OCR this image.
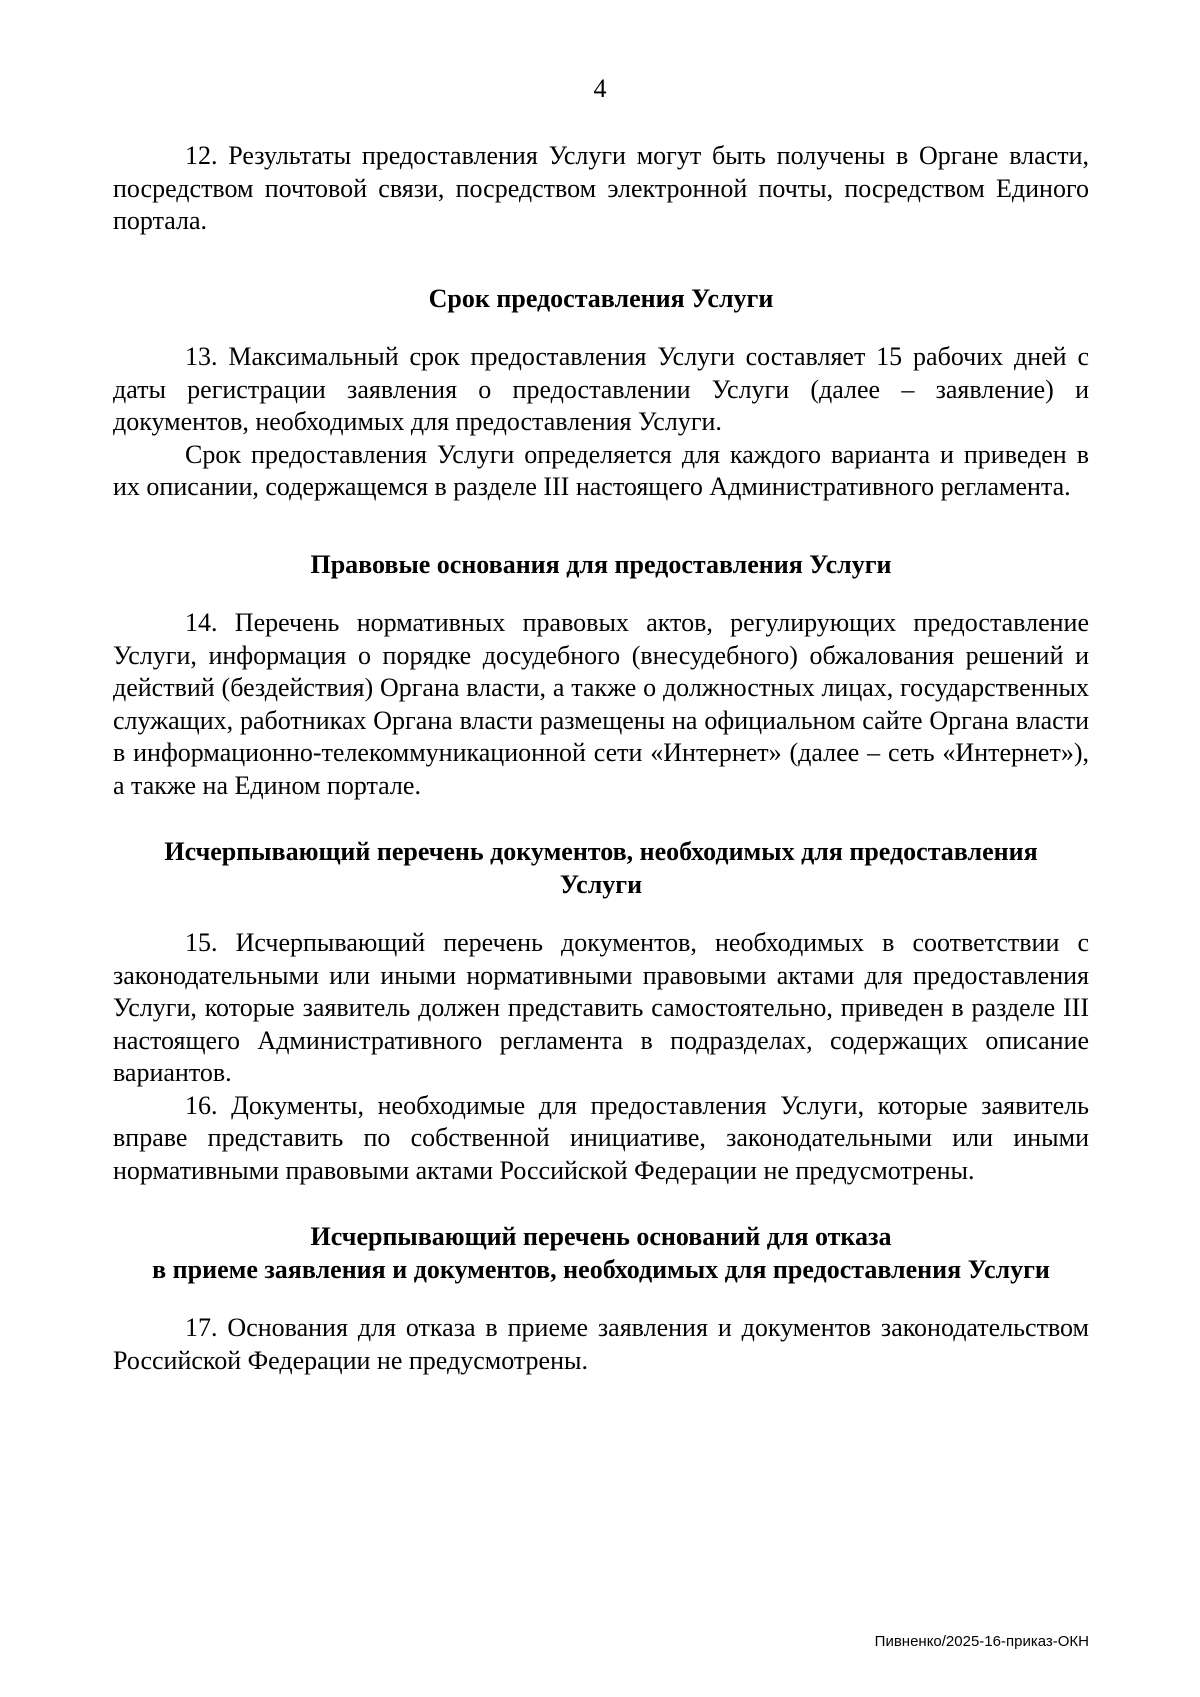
4

12. Результаты предоставления Услуги могут быть получены в Органе власти, посредством почтовой связи, посредством электронной почты, посредством Единого портала.

Срок предоставления Услуги

13. Максимальный срок предоставления Услуги составляет 15 рабочих дней с даты регистрации заявления о предоставлении Услуги (далее – заявление) и документов, необходимых для предоставления Услуги.

Срок предоставления Услуги определяется для каждого варианта и приведен в их описании, содержащемся в разделе III настоящего Административного регламента.

Правовые основания для предоставления Услуги

14. Перечень нормативных правовых актов, регулирующих предоставление Услуги, информация о порядке досудебного (внесудебного) обжалования решений и действий (бездействия) Органа власти, а также о должностных лицах, государственных служащих, работниках Органа власти размещены на официальном сайте Органа власти в информационно-телекоммуникационной сети «Интернет» (далее – сеть «Интернет»), а также на Едином портале.

Исчерпывающий перечень документов, необходимых для предоставления

Услуги

15. Исчерпывающий перечень документов, необходимых в соответствии с законодательными или иными нормативными правовыми актами для предоставления Услуги, которые заявитель должен представить самостоятельно, приведен в разделе III настоящего Административного регламента в подразделах, содержащих описание вариантов.

16. Документы, необходимые для предоставления Услуги, которые заявитель вправе представить по собственной инициативе, законодательными или иными нормативными правовыми актами Российской Федерации не предусмотрены.

Исчерпывающий перечень оснований для отказа

в приеме заявления и документов, необходимых для предоставления Услуги

17. Основания для отказа в приеме заявления и документов законодательством Российской Федерации не предусмотрены.

Пивненко/2025-16-приказ-ОКН
